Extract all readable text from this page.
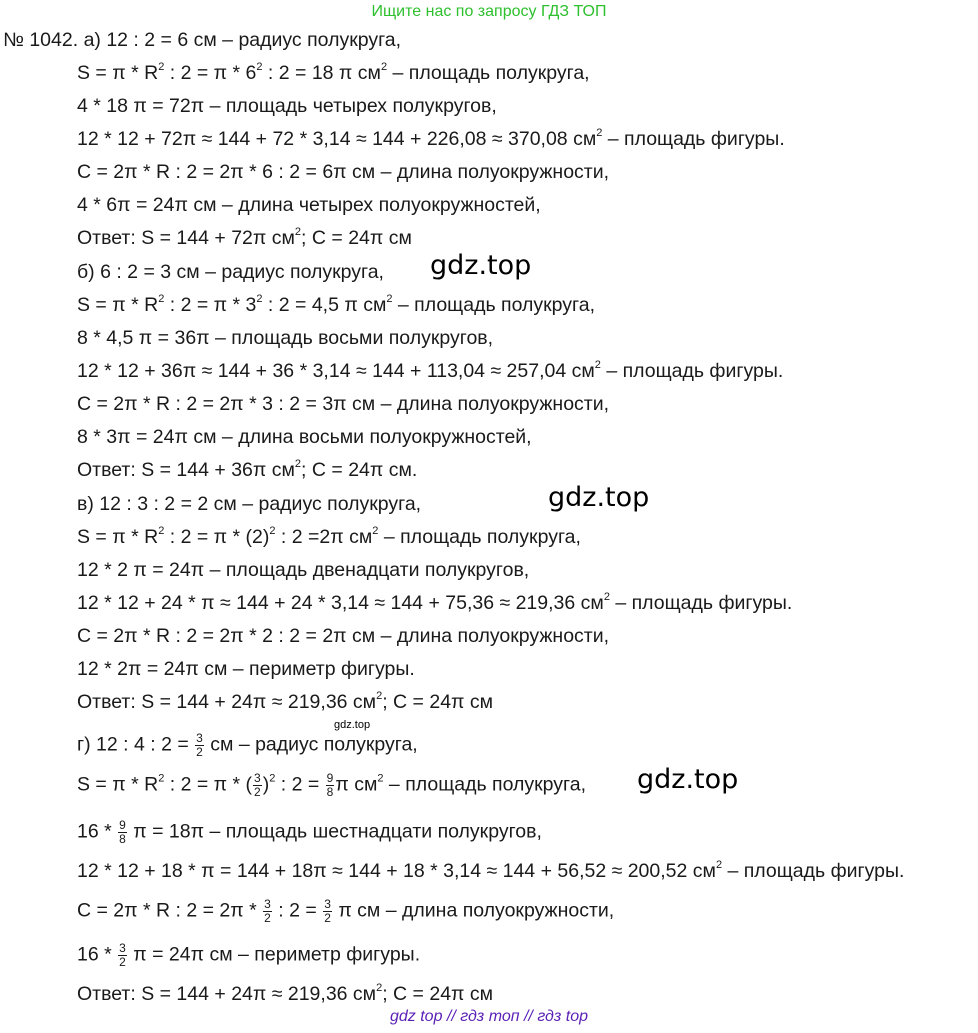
Ищите нас по запросу ГДЗ ТОП
№ 1042. а) 12 : 2 = 6 см – радиус полукруга,
$S = \pi * R^2$ : $2 = \pi * 6^2$ : 2 = 18 π $см^2$ – площадь полукруга,
4 * 18 π = 72π – площадь четырех полукругов,
12 * 12 + 72π ≈ 144 + 72 * 3,14 ≈ 144 + 226,08 ≈ 370,08 $см^2$ – площадь фигуры.
С = 2π * R : 2 = 2π * 6 : 2 = 6π см – длина полуокружности,
4 * 6π = 24π см – длина четырех полуокружностей,
Ответ: S = 144 + 72π $см^2$; С = 24π см
б) 6 : 2 = 3 см – радиус полукруга,
$S = \pi * R^2$ : $2 = \pi * 3^2$ : 2 = 4,5 π $см^2$ – площадь полукруга,
8 * 4,5 π = 36π – площадь восьми полукругов,
12 * 12 + 36π ≈ 144 + 36 * 3,14 ≈ 144 + 113,04 ≈ 257,04 $см^2$ – площадь фигуры.
С = 2π * R : 2 = 2π * 3 : 2 = 3π см – длина полуокружности,
8 * 3π = 24π см – длина восьми полуокружностей,
Ответ: S = 144 + 36π $см^2$; С = 24π см.
в) 12 : 3 : 2 = 2 см – радиус полукруга,
$S = \pi * R^2$ : $2 = \pi * (2)^2$ : 2 =2π $см^2$ – площадь полукруга,
12 * 2 π = 24π – площадь двенадцати полукругов,
12 * 12 + 24 * π ≈ 144 + 24 * 3,14 ≈ 144 + 75,36 ≈ 219,36 $см^2$ – площадь фигуры.
С = 2π * R : 2 = 2π * 2 : 2 = 2π см – длина полуокружности,
12 * 2π = 24π см – периметр фигуры.
Ответ: S = 144 + 24π ≈ 219,36 $см^2$; С = 24π см
г) 12 : 4 : $2 = \frac{3}{2}$ см – радиус полукруга,
$S = \pi * R^2$ : 2 = π * ( $\frac{3}{2} )^2$ : $2 = \frac{9}{8}$ π $см^2$ – площадь полукруга,
$16 * \frac{9}{8}$ π = 18π – площадь шестнадцати полукругов,
12 * 12 + 18 * π = 144 + 18π ≈ 144 + 18 * 3,14 ≈ 144 + 56,52 ≈ 200,52 $см^2$ – площадь фигуры.
С = 2π * R : $2 = 2\pi * \frac{3}{2}$ : $2 = \frac{3}{2}$ π см – длина полуокружности,
$16 * \frac{3}{2}$ π = 24π см – периметр фигуры.
Ответ: S = 144 + 24π ≈ 219,36 $см^2$; С = 24π см
gdz.top
gdz.top
gdz.top
gdz.top
gdz top // гдз топ // гдз top
